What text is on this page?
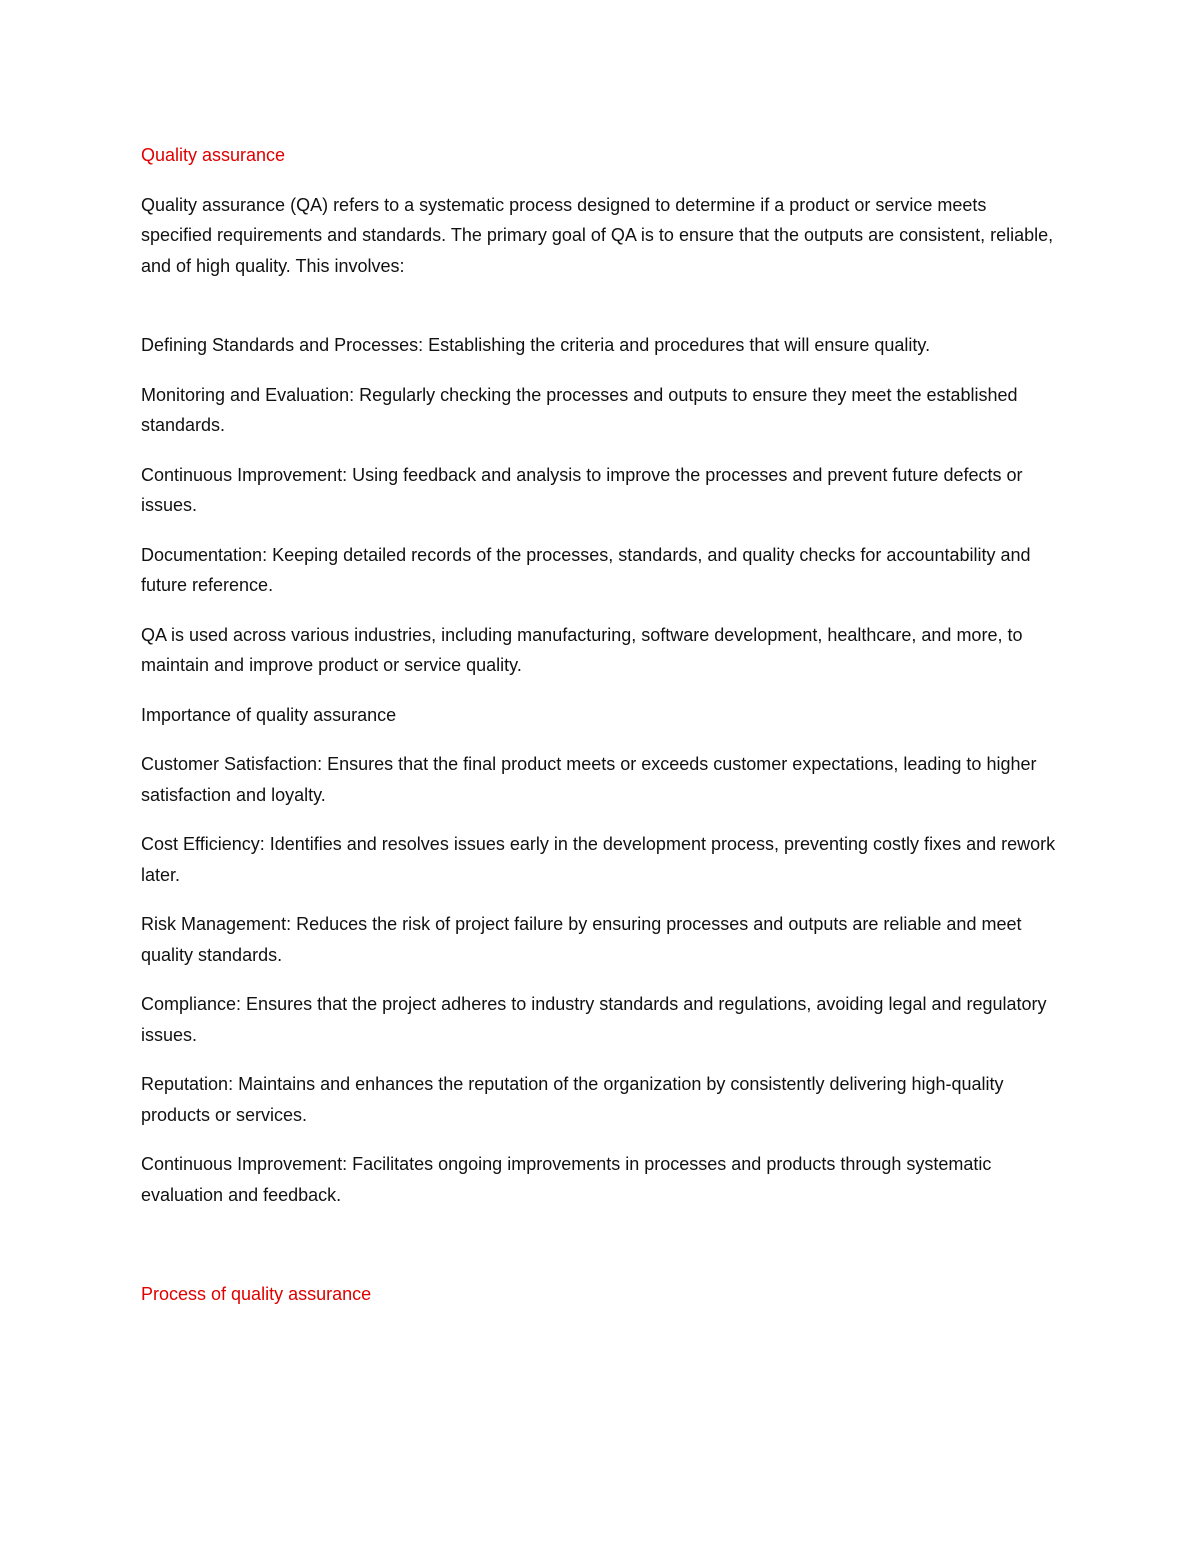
Quality assurance

Quality assurance (QA) refers to a systematic process designed to determine if a product or service meets specified requirements and standards. The primary goal of QA is to ensure that the outputs are consistent, reliable, and of high quality. This involves:

Defining Standards and Processes: Establishing the criteria and procedures that will ensure quality.

Monitoring and Evaluation: Regularly checking the processes and outputs to ensure they meet the established standards.

Continuous Improvement: Using feedback and analysis to improve the processes and prevent future defects or issues.

Documentation: Keeping detailed records of the processes, standards, and quality checks for accountability and future reference.

QA is used across various industries, including manufacturing, software development, healthcare, and more, to maintain and improve product or service quality.

Importance of quality assurance

Customer Satisfaction: Ensures that the final product meets or exceeds customer expectations, leading to higher satisfaction and loyalty.

Cost Efficiency: Identifies and resolves issues early in the development process, preventing costly fixes and rework later.

Risk Management: Reduces the risk of project failure by ensuring processes and outputs are reliable and meet quality standards.

Compliance: Ensures that the project adheres to industry standards and regulations, avoiding legal and regulatory issues.

Reputation: Maintains and enhances the reputation of the organization by consistently delivering high-quality products or services.

Continuous Improvement: Facilitates ongoing improvements in processes and products through systematic evaluation and feedback.

Process of quality assurance
